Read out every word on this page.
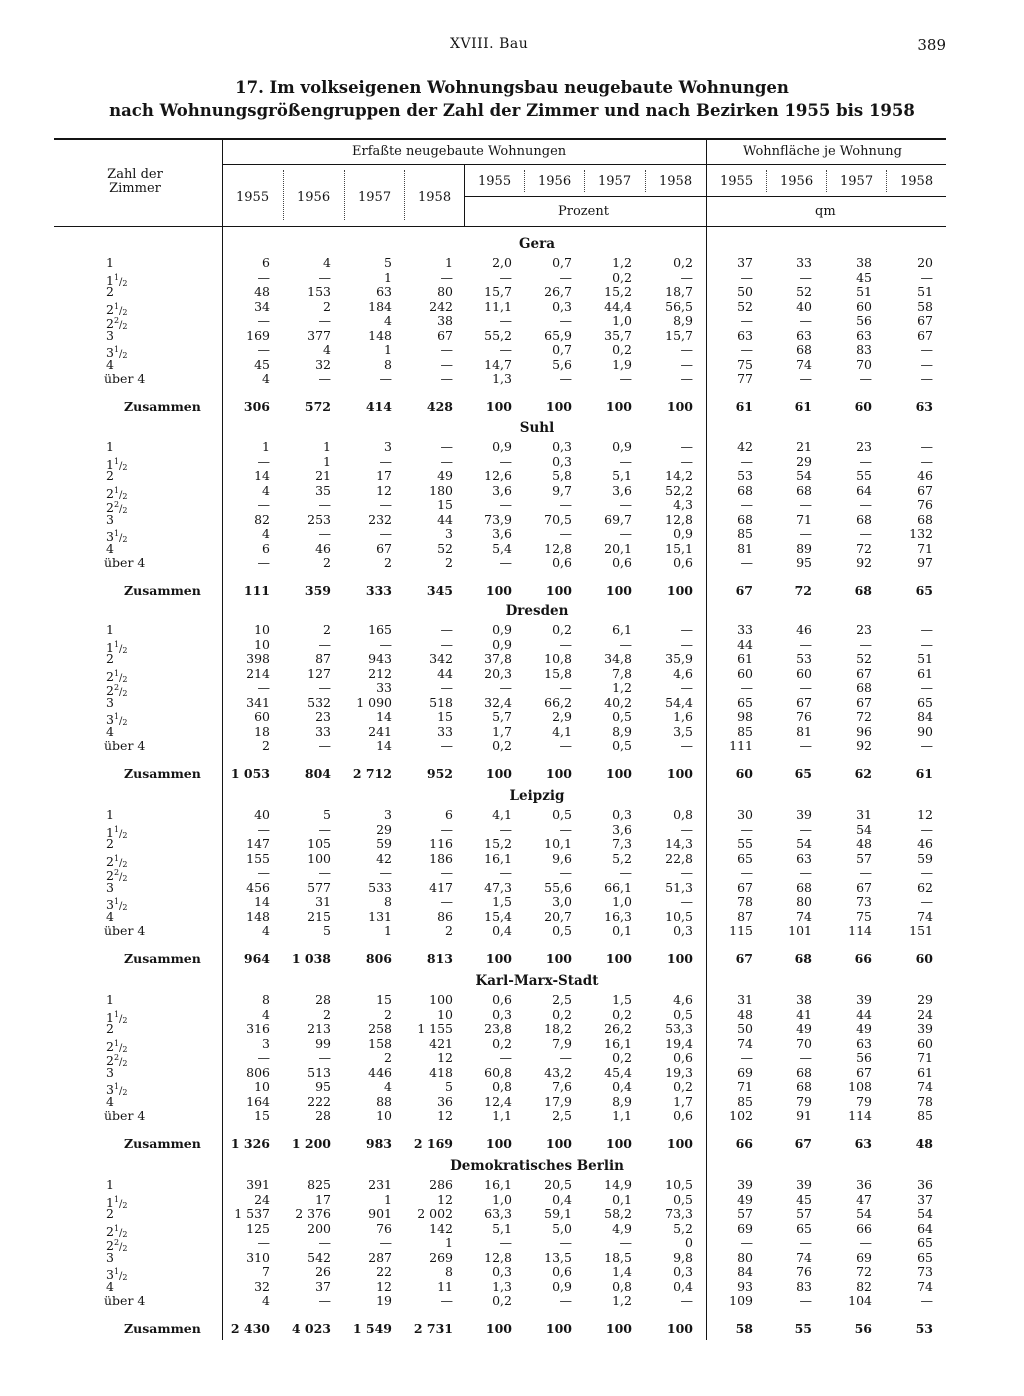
XVIII. Bau	389
17. Im volkseigenen Wohnungsbau neugebaute Wohnungen
nach Wohnungsgrößengruppen der Zahl der Zimmer und nach Bezirken 1955 bis 1958
Zahl der
Zimmer
Erfaßte neugebaute Wohnungen	Wohnfläche je Wohnung
1955 1956 1957 1958
1955 1956 1957 1958 1955 1956 1957 1958
Prozent	qm
Gera
1	6	4	5	1	2,0	0,7	1,2	0,2	37	33	38	20
$1^1/_2$	—	—	1	—	—	—	0,2	—	—	—	45	—
2	48	153	63	80	15,7	26,7	15,2	18,7	50	52	51	51
$2^1/_2$	34	2	184	242	11,1	0,3	44,4	56,5	52	40	60	58
$2^2/_2$	—	—	4	38	—	—	1,0	8,9	—	—	56	67
3	169	377	148	67	55,2	65,9	35,7	15,7	63	63	63	67
$3^1/_2$	—	4	1	—	—	0,7	0,2	—	—	68	83	—
4	45	32	8	—	14,7	5,6	1,9	—	75	74	70	—
über 4	4	—	—	—	1,3	—	—	—	77	—	—	—
Zusammen	306	572	414	428	100	100	100	100	61	61	60	63
Suhl
1	1	1	3	—	0,9	0,3	0,9	—	42	21	23	—
$1^1/_2$	—	1	—	—	—	0,3	—	—	—	29	—	—
2	14	21	17	49	12,6	5,8	5,1	14,2	53	54	55	46
$2^1/_2$	4	35	12	180	3,6	9,7	3,6	52,2	68	68	64	67
$2^2/_2$	—	—	—	15	—	—	—	4,3	—	—	—	76
3	82	253	232	44	73,9	70,5	69,7	12,8	68	71	68	68
$3^1/_2$	4	—	—	3	3,6	—	—	0,9	85	—	—	132
4	6	46	67	52	5,4	12,8	20,1	15,1	81	89	72	71
über 4	—	2	2	2	—	0,6	0,6	0,6	—	95	92	97
Zusammen	111	359	333	345	100	100	100	100	67	72	68	65
Dresden
1	10	2	165	—	0,9	0,2	6,1	—	33	46	23	—
$1^1/_2$	10	—	—	—	0,9	—	—	—	44	—	—	—
2	398	87	943	342	37,8	10,8	34,8	35,9	61	53	52	51
$2^1/_2$	214	127	212	44	20,3	15,8	7,8	4,6	60	60	67	61
$2^2/_2$	—	—	33	—	—	—	1,2	—	—	—	68	—
3	341	532	1 090	518	32,4	66,2	40,2	54,4	65	67	67	65
$3^1/_2$	60	23	14	15	5,7	2,9	0,5	1,6	98	76	72	84
4	18	33	241	33	1,7	4,1	8,9	3,5	85	81	96	90
über 4	2	—	14	—	0,2	—	0,5	—	111	—	92	—
Zusammen	1 053	804	2 712	952	100	100	100	100	60	65	62	61
Leipzig
1	40	5	3	6	4,1	0,5	0,3	0,8	30	39	31	12
$1^1/_2$	—	—	29	—	—	—	3,6	—	—	—	54	—
2	147	105	59	116	15,2	10,1	7,3	14,3	55	54	48	46
$2^1/_2$	155	100	42	186	16,1	9,6	5,2	22,8	65	63	57	59
$2^2/_2$	—	—	—	—	—	—	—	—	—	—	—	—
3	456	577	533	417	47,3	55,6	66,1	51,3	67	68	67	62
$3^1/_2$	14	31	8	—	1,5	3,0	1,0	—	78	80	73	—
4	148	215	131	86	15,4	20,7	16,3	10,5	87	74	75	74
über 4	4	5	1	2	0,4	0,5	0,1	0,3	115	101	114	151
Zusammen	964	1 038	806	813	100	100	100	100	67	68	66	60
Karl-Marx-Stadt
1	8	28	15	100	0,6	2,5	1,5	4,6	31	38	39	29
$1^1/_2$	4	2	2	10	0,3	0,2	0,2	0,5	48	41	44	24
2	316	213	258	1 155	23,8	18,2	26,2	53,3	50	49	49	39
$2^1/_2$	3	99	158	421	0,2	7,9	16,1	19,4	74	70	63	60
$2^2/_2$	—	—	2	12	—	—	0,2	0,6	—	—	56	71
3	806	513	446	418	60,8	43,2	45,4	19,3	69	68	67	61
$3^1/_2$	10	95	4	5	0,8	7,6	0,4	0,2	71	68	108	74
4	164	222	88	36	12,4	17,9	8,9	1,7	85	79	79	78
über 4	15	28	10	12	1,1	2,5	1,1	0,6	102	91	114	85
Zusammen	1 326	1 200	983	2 169	100	100	100	100	66	67	63	48
Demokratisches Berlin
1	391	825	231	286	16,1	20,5	14,9	10,5	39	39	36	36
$1^1/_2$	24	17	1	12	1,0	0,4	0,1	0,5	49	45	47	37
2	1 537	2 376	901	2 002	63,3	59,1	58,2	73,3	57	57	54	54
$2^1/_2$	125	200	76	142	5,1	5,0	4,9	5,2	69	65	66	64
$2^2/_2$	—	—	—	1	—	—	—	0	—	—	—	65
3	310	542	287	269	12,8	13,5	18,5	9,8	80	74	69	65
$3^1/_2$	7	26	22	8	0,3	0,6	1,4	0,3	84	76	72	73
4	32	37	12	11	1,3	0,9	0,8	0,4	93	83	82	74
über 4	4	—	19	—	0,2	—	1,2	—	109	—	104	—
Zusammen	2 430	4 023	1 549	2 731	100	100	100	100	58	55	56	53
